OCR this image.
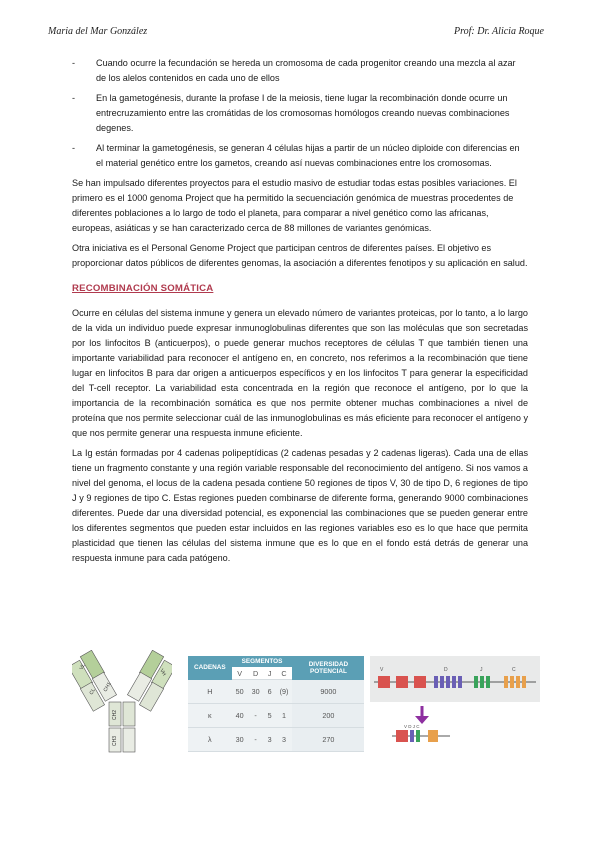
Maria del Mar González	Prof: Dr. Alicia Roque
- Cuando ocurre la fecundación se hereda un cromosoma de cada progenitor creando una mezcla al azar de los alelos contenidos en cada uno de ellos
- En la gametogénesis, durante la profase I de la meiosis, tiene lugar la recombinación donde ocurre un entrecruzamiento entre las cromátidas de los cromosomas homólogos creando nuevas combinaciones degenes.
- Al terminar la gametogénesis, se generan 4 células hijas a partir de un núcleo diploide con diferencias en el material genético entre los gametos, creando así nuevas combinaciones entre los cromosomas.

Se han impulsado diferentes proyectos para el estudio masivo de estudiar todas estas posibles variaciones. El primero es el 1000 genoma Project que ha permitido la secuenciación genómica de muestras procedentes de diferentes poblaciones a lo largo de todo el planeta, para comparar a nivel genético como las africanas, europeas, asiáticas y se han caracterizado cerca de 88 millones de variantes genómicas.

Otra iniciativa es el Personal Genome Project que participan centros de diferentes países. El objetivo es proporcionar datos públicos de diferentes genomas, la asociación a diferentes fenotipos y su aplicación en salud.

RECOMBINACIÓN SOMÁTICA

Ocurre en células del sistema inmune y genera un elevado número de variantes proteicas, por lo tanto, a lo largo de la vida un individuo puede expresar inmunoglobulinas diferentes que son las moléculas que son secretadas por los linfocitos B (anticuerpos), o puede generar muchos receptores de células T que también tienen una importante variabilidad para reconocer el antígeno en, en concreto, nos referimos a la recombinación que tiene lugar en linfocitos B para dar origen a anticuerpos específicos y en los linfocitos T para generar la especificidad del T-cell receptor. La variabilidad esta concentrada en la región que reconoce el antígeno, por lo que la importancia de la recombinación somática es que nos permite obtener muchas combinaciones a nivel de proteína que nos permite seleccionar cuál de las inmunoglobulinas es más eficiente para reconocer el antígeno y que nos permite generar una respuesta inmune eficiente.

La Ig están formadas por 4 cadenas polipeptídicas (2 cadenas pesadas y 2 cadenas ligeras). Cada una de ellas tiene un fragmento constante y una región variable responsable del reconocimiento del antígeno. Si nos vamos a nivel del genoma, el locus de la cadena pesada contiene 50 regiones de tipos V, 30 de tipo D, 6 regiones de tipo J y 9 regiones de tipo C. Estas regiones pueden combinarse de diferente forma, generando 9000 combinaciones diferentes. Puede dar una diversidad potencial, es exponencial las combinaciones que se pueden generar entre los diferentes segmentos que pueden estar incluidos en las regiones variables eso es lo que hace que permita plasticidad que tienen las células del sistema inmune que es lo que en el fondo está detrás de generar una respuesta inmune para cada patógeno.

VL
VH
CL CH1
CH2
CH3
CADENAS	SEGMENTOS				DIVERSIDAD POTENCIAL
	V	D	J	C	
H	50	30	6	(9)	9000
κ	40	-	5	1	200
λ	30	-	3	3	270
V	D	J	C
V D J C
